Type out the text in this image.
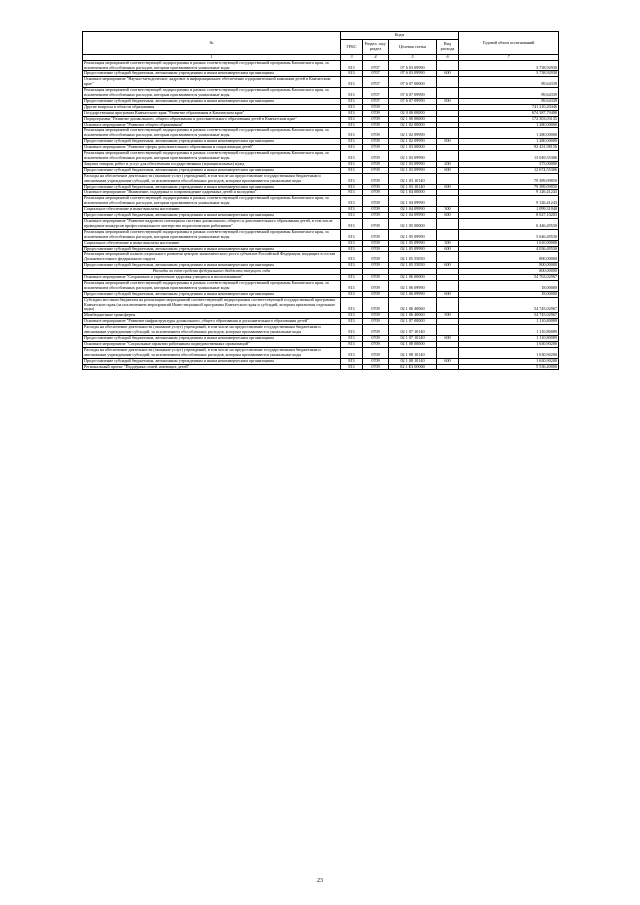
№	Коды				Годовой объем ассигнований
	ГРБС	Раздел, под-раздел	Целевая статья	Вид расхода	
1	3	4	5	6	7
Реализация мероприятий соответствующей подпрограммы в рамках соответствующей государственной программы Камчатского края, за исключением обособленных расходов, которым присваиваются уникальные коды	813	0707	07 6 03 09990		3 738,92930
Предоставление субсидий бюджетным, автономным учреждениям и иным некоммерческим организациям	813	0707	07 6 03 09990	600	3 738,92930
Основное мероприятие "Научно-методическое, кадровое и информационное обеспечение оздоровительной кампании детей в Камчатском крае"	813	0707	07 6 07 00000		89,64339
Реализация мероприятий соответствующей подпрограммы в рамках соответствующей государственной программы Камчатского края, за исключением обособленных расходов, которым присваиваются уникальные коды	813	0707	07 6 07 09990		89,64339
Предоставление субсидий бюджетным, автономным учреждениям и иным некоммерческим организациям	813	0707	07 6 07 09990	600	89,64339
Другие вопросы в области образования	813	0709			741 210,20446
Государственная программа Камчатского края "Развитие образования в Камчатском крае"	813	0709	02 0 00 00000		674 387,79490
Подпрограмма "Развитие дошкольного, общего образования и дополнительного образования детей в Камчатском крае"	813	0709	02 1 00 00000		172 303,03135
Основное мероприятие "Развитие общего образования"	813	0709	02 1 02 00000		1 280,00000
Реализация мероприятий соответствующей подпрограммы в рамках соответствующей государственной программы Камчатского края, за исключением обособленных расходов, которым присваиваются уникальные коды	813	0709	02 1 02 09990		1 280,00000
Предоставление субсидий бюджетным, автономным учреждениям и иным некоммерческим организациям	813	0709	02 1 02 09990	600	1 280,00000
Основное мероприятие "Развитие сферы дополнительного образования и социализация детей"	813	0709	02 1 03 00000		92 431,98156
Реализация мероприятий соответствующей подпрограммы в рамках соответствующей государственной программы Камчатского края, за исключением обособленных расходов, которым присваиваются уникальные коды	813	0709	02 1 03 09990		13 049,55306
Закупка товаров, работ и услуг для обеспечения государственных (муниципальных) нужд	813	0709	02 1 03 09990	200	375,00000
Предоставление субсидий бюджетным, автономным учреждениям и иным некоммерческим организациям	813	0709	02 1 03 09990	600	12 674,55306
Расходы на обеспечение деятельности (оказание услуг) учреждений, в том числе на предоставление государственным бюджетным и автономным учреждениям субсидий, за исключением обособленных расходов, которым присваиваются уникальные коды	813	0709	02 1 03 10140		79 389,09850
Предоставление субсидий бюджетным, автономным учреждениям и иным некоммерческим организациям	813	0709	02 1 03 10140	600	79 389,09850
Основное мероприятие "Выявление, поддержка и сопровождение одаренных детей и молодежи"	813	0709	02 1 04 00000		9 126,41243
Реализация мероприятий соответствующей подпрограммы в рамках соответствующей государственной программы Камчатского края, за исключением обособленных расходов, которым присваиваются уникальные коды	813	0709	02 1 04 09990		9 126,41243
Социальное обеспечение и иные выплаты населению	813	0709	02 1 04 09990	300	1 099,31040
Предоставление субсидий бюджетным, автономным учреждениям и иным некоммерческим организациям	813	0709	02 1 04 09990	600	8 027,10203
Основное мероприятие "Развитие кадрового потенциала системы дошкольного, общего и дополнительного образования детей, в том числе проведение конкурсов профессионального мастерства педагогических работников"	813	0709	02 1 05 00000		6 446,49530
Реализация мероприятий соответствующей подпрограммы в рамках соответствующей государственной программы Камчатского края, за исключением обособленных расходов, которым присваиваются уникальные коды	813	0709	02 1 05 09990		5 646,49530
Социальное обеспечение и иные выплаты населению	813	0709	02 1 05 09990	300	1 610,00000
Предоставление субсидий бюджетным, автономным учреждениям и иным некоммерческим организациям	813	0709	02 1 05 09990	600	4 036,49530
Реализация мероприятий планов социального развития центров экономического роста субъектов Российской Федерации, входящих в состав Дальневосточного федерального округа	813	0709	02 1 05 55050		800,00000
Предоставление субсидий бюджетным, автономным учреждениям и иным некоммерческим организациям	813	0709	02 1 05 55050	600	800,00000
Расходы за счет средств федерального бюджета текущего года					800,00000
Основное мероприятие "Сохранение и укрепление здоровья учащихся и воспитанников"	813	0709	02 1 06 00000		54 763,02967
Реализация мероприятий соответствующей подпрограммы в рамках соответствующей государственной программы Камчатского края, за исключением обособленных расходов, которым присваиваются уникальные коды	813	0709	02 1 06 09990		18,00000
Предоставление субсидий бюджетным, автономным учреждениям и иным некоммерческим организациям	813	0709	02 1 06 09990	600	18,00000
Субсидии местным бюджетам на реализацию мероприятий соответствующей подпрограммы соответствующей государственной программы Камчатского края (за исключением мероприятий Инвестиционной программы Камчатского края и субсидий, которым присвоены отдельные коды)	813	0709	02 1 06 40060		54 745,02967
Межбюджетные трансферты	813	0709	02 1 06 40060	500	54 745,02967
Основное мероприятие "Развитие инфраструктуры дошкольного, общего образования и дополнительного образования детей"	813	0709	02 1 07 00000		1 110,80089
Расходы на обеспечение деятельности (оказание услуг) учреждений, в том числе на предоставление государственным бюджетным и автономным учреждениям субсидий, за исключением обособленных расходов, которым присваиваются уникальные коды	813	0709	02 1 07 10140		1 110,80089
Предоставление субсидий бюджетным, автономным учреждениям и иным некоммерческим организациям	813	0709	02 1 07 10140	600	1 110,80089
Основное мероприятие "Социальные гарантии работникам подведомственных организаций"	813	0709	02 1 08 00000		1 630,90200
Расходы на обеспечение деятельности (оказание услуг) учреждений, в том числе на предоставление государственным бюджетным и автономным учреждениям субсидий, за исключением обособленных расходов, которым присваиваются уникальные коды	813	0709	02 1 08 10140		1 630,90200
Предоставление субсидий бюджетным, автономным учреждениям и иным некоммерческим организациям	813	0709	02 1 08 10140	600	1 630,90200
Региональный проект "Поддержка семей, имеющих детей"	813	0709	02 1 E3 00000		5 536,40000
23
